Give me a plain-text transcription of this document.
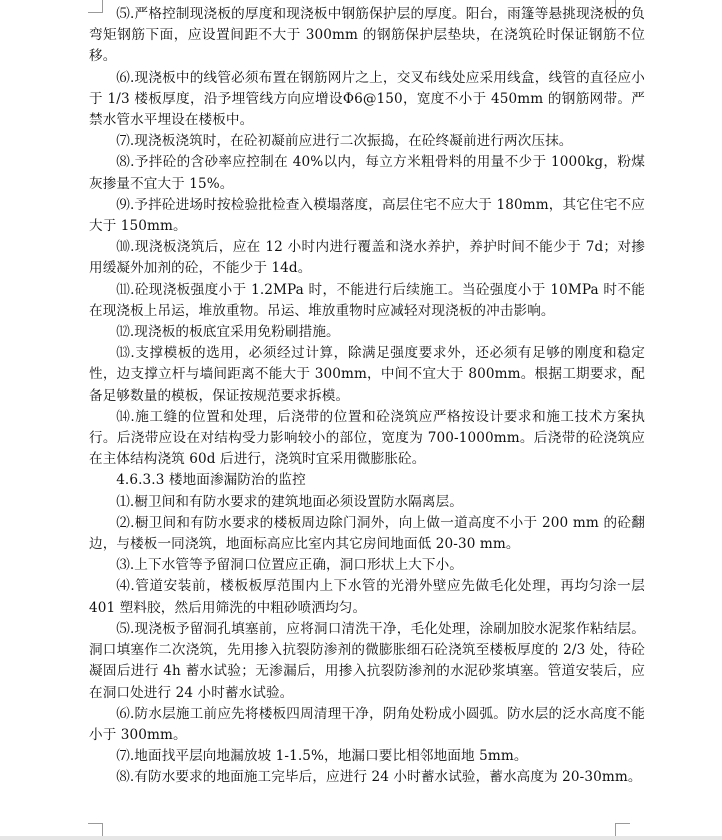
⑸.严格控制现浇板的厚度和现浇板中钢筋保护层的厚度。阳台，雨篷等悬挑现浇板的负弯矩钢筋下面，应设置间距不大于 300mm 的钢筋保护层垫块，在浇筑砼时保证钢筋不位移。

⑹.现浇板中的线管必须布置在钢筋网片之上，交叉布线处应采用线盒，线管的直径应小于 1/3 楼板厚度，沿予埋管线方向应增设Φ6@150，宽度不小于 450mm 的钢筋网带。严禁水管水平埋设在楼板中。

⑺.现浇板浇筑时，在砼初凝前应进行二次振捣，在砼终凝前进行两次压抹。

⑻.予拌砼的含砂率应控制在 40%以内，每立方米粗骨料的用量不少于 1000kg，粉煤灰掺量不宜大于 15%。

⑼.予拌砼进场时按检验批检查入模塌落度，高层住宅不应大于 180mm，其它住宅不应大于 150mm。

⑽.现浇板浇筑后，应在 12 小时内进行覆盖和浇水养护，养护时间不能少于 7d；对掺用缓凝外加剂的砼，不能少于 14d。

⑾.砼现浇板强度小于 1.2MPa 时，不能进行后续施工。当砼强度小于 10MPa 时不能在现浇板上吊运，堆放重物。吊运、堆放重物时应减轻对现浇板的冲击影响。

⑿.现浇板的板底宜采用免粉刷措施。

⒀.支撑模板的选用，必须经过计算，除满足强度要求外，还必须有足够的刚度和稳定性，边支撑立杆与墙间距离不能大于 300mm，中间不宜大于 800mm。根据工期要求，配备足够数量的模板，保证按规范要求拆模。

⒁.施工缝的位置和处理，后浇带的位置和砼浇筑应严格按设计要求和施工技术方案执行。后浇带应设在对结构受力影响较小的部位，宽度为 700-1000mm。后浇带的砼浇筑应在主体结构浇筑 60d 后进行，浇筑时宜采用微膨胀砼。

4.6.3.3 楼地面渗漏防治的监控

⑴.橱卫间和有防水要求的建筑地面必须设置防水隔离层。

⑵.橱卫间和有防水要求的楼板周边除门洞外，向上做一道高度不小于 200 mm 的砼翻边，与楼板一同浇筑，地面标高应比室内其它房间地面低 20-30 mm。

⑶.上下水管等予留洞口位置应正确，洞口形状上大下小。

⑷.管道安装前，楼板板厚范围内上下水管的光滑外壁应先做毛化处理，再均匀涂一层 401 塑料胶，然后用筛洗的中粗砂喷洒均匀。

⑸.现浇板予留洞孔填塞前，应将洞口清洗干净，毛化处理，涂刷加胶水泥浆作粘结层。洞口填塞作二次浇筑，先用掺入抗裂防渗剂的微膨胀细石砼浇筑至楼板厚度的 2/3 处，待砼凝固后进行 4h 蓄水试验；无渗漏后，用掺入抗裂防渗剂的水泥砂浆填塞。管道安装后，应在洞口处进行 24 小时蓄水试验。

⑹.防水层施工前应先将楼板四周清理干净，阴角处粉成小圆弧。防水层的泛水高度不能小于 300mm。

⑺.地面找平层向地漏放坡 1-1.5%，地漏口要比相邻地面地 5mm。

⑻.有防水要求的地面施工完毕后，应进行 24 小时蓄水试验，蓄水高度为 20-30mm。
